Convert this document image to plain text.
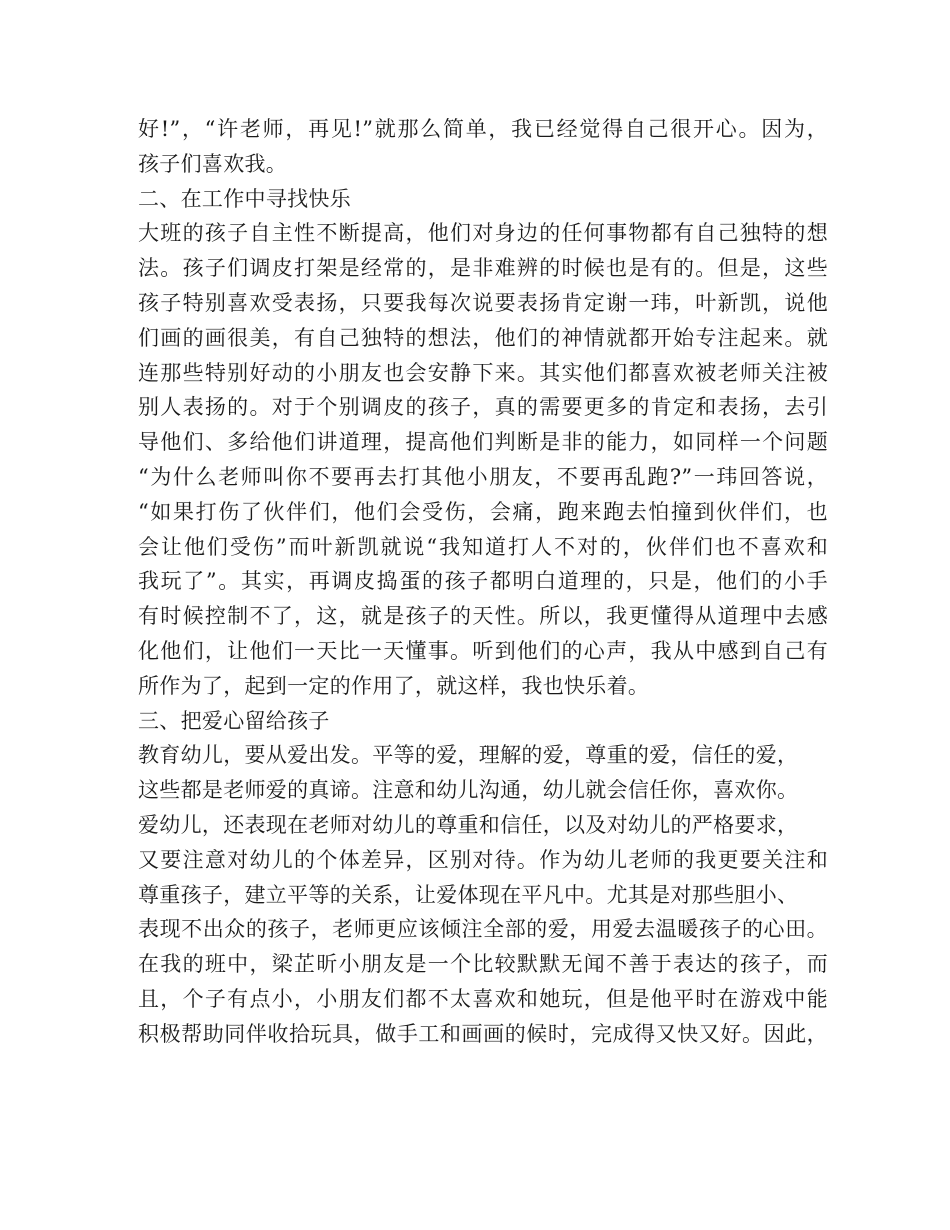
好!”，“许老师，再见!”就那么简单，我已经觉得自己很开心。因为，
孩子们喜欢我。
二、在工作中寻找快乐
大班的孩子自主性不断提高，他们对身边的任何事物都有自己独特的想
法。孩子们调皮打架是经常的，是非难辨的时候也是有的。但是，这些
孩子特别喜欢受表扬，只要我每次说要表扬肯定谢一玮，叶新凯，说他
们画的画很美，有自己独特的想法，他们的神情就都开始专注起来。就
连那些特别好动的小朋友也会安静下来。其实他们都喜欢被老师关注被
别人表扬的。对于个别调皮的孩子，真的需要更多的肯定和表扬，去引
导他们、多给他们讲道理，提高他们判断是非的能力，如同样一个问题
“为什么老师叫你不要再去打其他小朋友，不要再乱跑?”一玮回答说，
“如果打伤了伙伴们，他们会受伤，会痛，跑来跑去怕撞到伙伴们，也
会让他们受伤”而叶新凯就说“我知道打人不对的，伙伴们也不喜欢和
我玩了”。其实，再调皮捣蛋的孩子都明白道理的，只是，他们的小手
有时候控制不了，这，就是孩子的天性。所以，我更懂得从道理中去感
化他们，让他们一天比一天懂事。听到他们的心声，我从中感到自己有
所作为了，起到一定的作用了，就这样，我也快乐着。
三、把爱心留给孩子
教育幼儿，要从爱出发。平等的爱，理解的爱，尊重的爱，信任的爱，
这些都是老师爱的真谛。注意和幼儿沟通，幼儿就会信任你，喜欢你。
爱幼儿，还表现在老师对幼儿的尊重和信任，以及对幼儿的严格要求，
又要注意对幼儿的个体差异，区别对待。作为幼儿老师的我更要关注和
尊重孩子，建立平等的关系，让爱体现在平凡中。尤其是对那些胆小、
表现不出众的孩子，老师更应该倾注全部的爱，用爱去温暖孩子的心田。
在我的班中，梁芷昕小朋友是一个比较默默无闻不善于表达的孩子，而
且，个子有点小，小朋友们都不太喜欢和她玩，但是他平时在游戏中能
积极帮助同伴收拾玩具，做手工和画画的候时，完成得又快又好。因此，
